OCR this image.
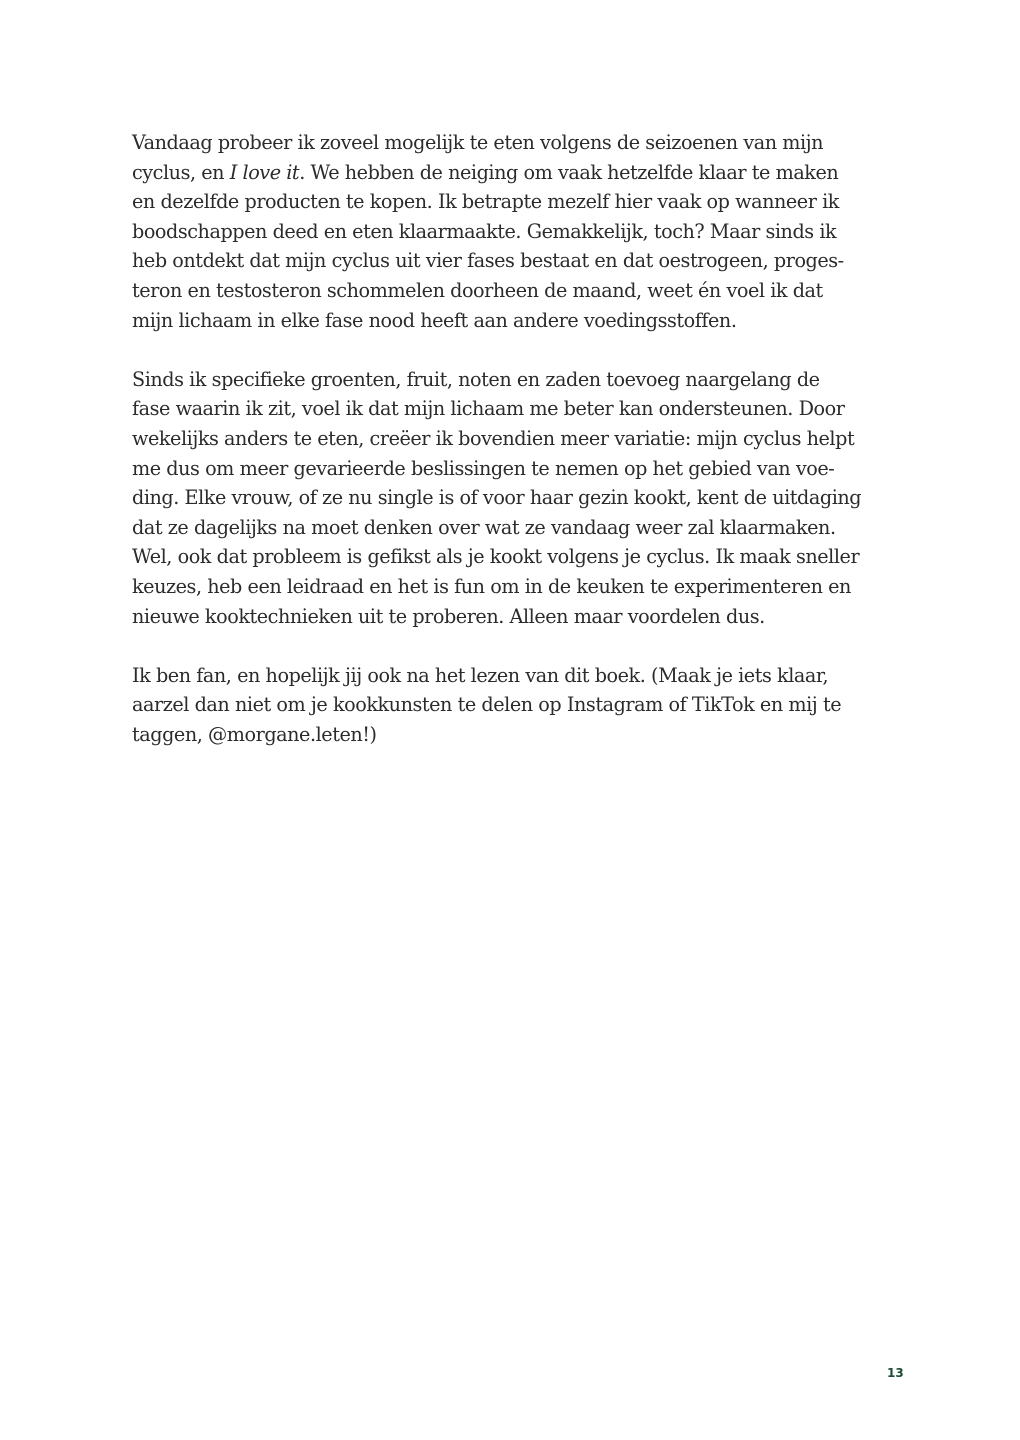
Vandaag probeer ik zoveel mogelijk te eten volgens de seizoenen van mijn
cyclus, en I love it. We hebben de neiging om vaak hetzelfde klaar te maken
en dezelfde producten te kopen. Ik betrapte mezelf hier vaak op wanneer ik
boodschappen deed en eten klaarmaakte. Gemakkelijk, toch? Maar sinds ik
heb ontdekt dat mijn cyclus uit vier fases bestaat en dat oestrogeen, proges-
teron en testosteron schommelen doorheen de maand, weet én voel ik dat
mijn lichaam in elke fase nood heeft aan andere voedingsstoffen.

Sinds ik specifieke groenten, fruit, noten en zaden toevoeg naargelang de
fase waarin ik zit, voel ik dat mijn lichaam me beter kan ondersteunen. Door
wekelijks anders te eten, creëer ik bovendien meer variatie: mijn cyclus helpt
me dus om meer gevarieerde beslissingen te nemen op het gebied van voe-
ding. Elke vrouw, of ze nu single is of voor haar gezin kookt, kent de uitdaging
dat ze dagelijks na moet denken over wat ze vandaag weer zal klaarmaken.
Wel, ook dat probleem is gefikst als je kookt volgens je cyclus. Ik maak sneller
keuzes, heb een leidraad en het is fun om in de keuken te experimenteren en
nieuwe kooktechnieken uit te proberen. Alleen maar voordelen dus.

Ik ben fan, en hopelijk jij ook na het lezen van dit boek. (Maak je iets klaar,
aarzel dan niet om je kookkunsten te delen op Instagram of TikTok en mij te
taggen, @morgane.leten!)

13
